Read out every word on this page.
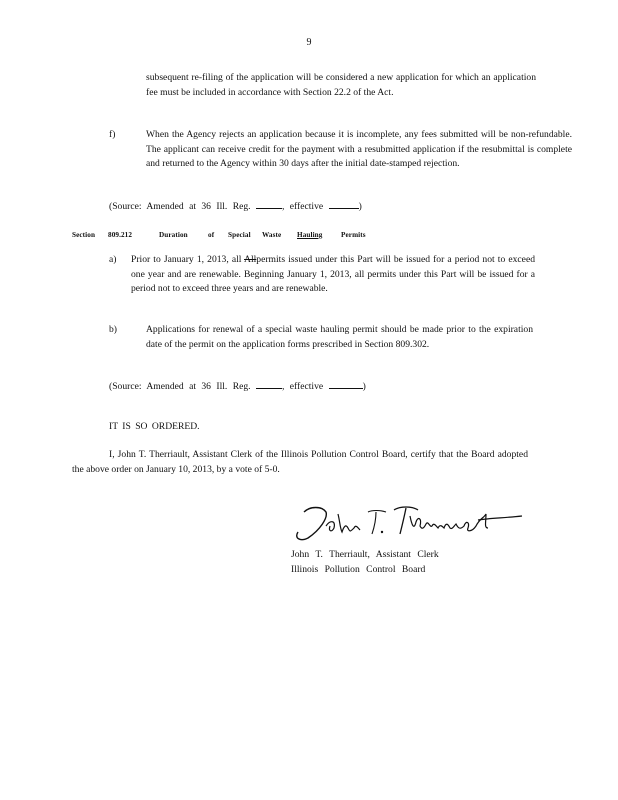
9
subsequent re-filing of the application will be considered a new application for which an application fee must be included in accordance with Section 22.2 of the Act.
f)	When the Agency rejects an application because it is incomplete, any fees submitted will be non-refundable. The applicant can receive credit for the payment with a resubmitted application if the resubmittal is complete and returned to the Agency within 30 days after the initial date-stamped rejection.
(Source: Amended at 36 Ill. Reg.	, effective	)
Section 809.212	Duration	of Special Waste Hauling	Permits
a) Prior to January 1, 2013, all Allpermits issued under this Part will be issued for a period not to exceed one year and are renewable. Beginning January 1, 2013, all permits under this Part will be issued for a period not to exceed three years and are renewable.
b)	Applications for renewal of a special waste hauling permit should be made prior to the expiration date of the permit on the application forms prescribed in Section 809.302.
(Source: Amended at 36 Ill. Reg.	, effective	)
IT IS SO ORDERED.
I, John T. Therriault, Assistant Clerk of the Illinois Pollution Control Board, certify that the Board adopted the above order on January 10, 2013, by a vote of 5-0.
John T. Therriault, Assistant Clerk
Illinois Pollution Control Board
